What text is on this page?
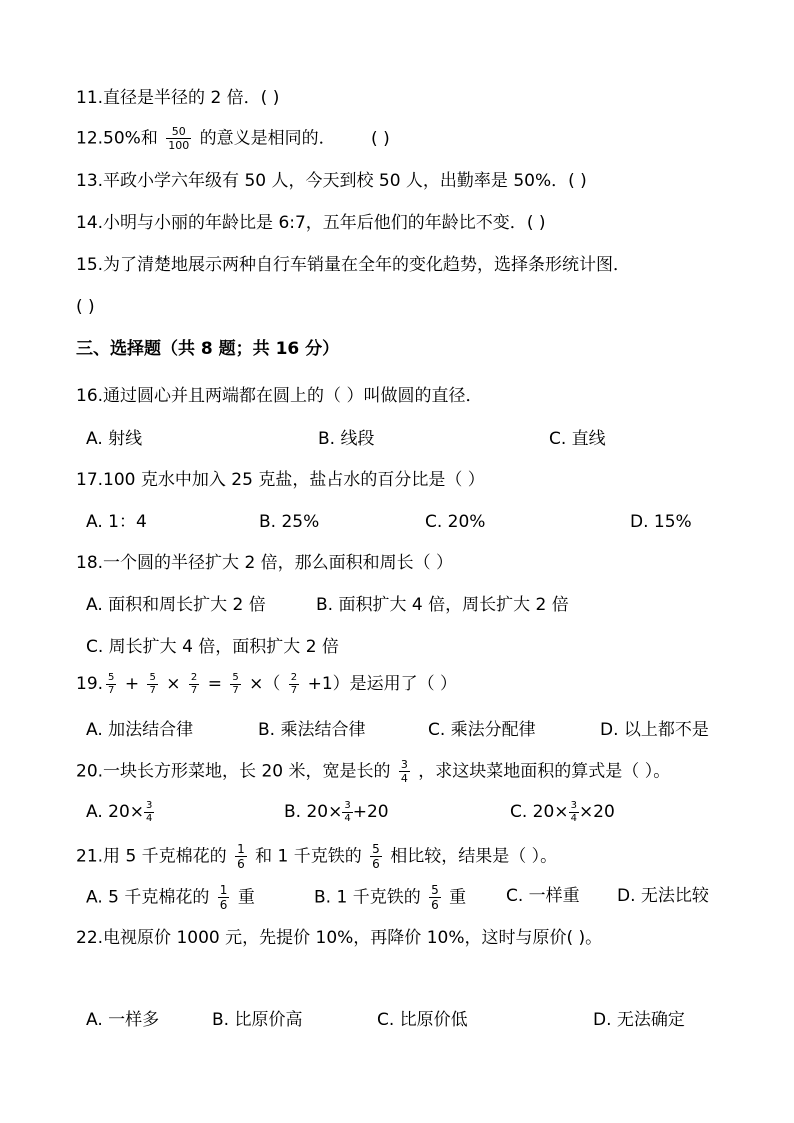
11.直径是半径的 2 倍．( )
12.50%和 $\frac{50}{100}$ 的意义是相同的． ( )
13.平政小学六年级有 50 人，今天到校 50 人，出勤率是 50%．( )
14.小明与小丽的年龄比是 6:7，五年后他们的年龄比不变．( )
15.为了清楚地展示两种自行车销量在全年的变化趋势，选择条形统计图．
( )
三、选择题（共 8 题；共 16 分）
16.通过圆心并且两端都在圆上的（ ）叫做圆的直径．
A. 射线	B. 线段	C. 直线
17.100 克水中加入 25 克盐，盐占水的百分比是（ ）
A. 1：4	B. 25%	C. 20%	D. 15%
18.一个圆的半径扩大 2 倍，那么面积和周长（ ）
A. 面积和周长扩大 2 倍	B. 面积扩大 4 倍，周长扩大 2 倍
C. 周长扩大 4 倍，面积扩大 2 倍
19. $\frac{5}{7} + \frac{5}{7} \times \frac{2}{7} = \frac{5}{7}$ ×（ $\frac{2}{7} +1$）是运用了（ ）
A. 加法结合律	B. 乘法结合律	C. 乘法分配律	D. 以上都不是
20.一块长方形菜地，长 20 米，宽是长的 $\frac{3}{4}$ ，求这块菜地面积的算式是（ ）。
A. $20\times \frac{3}{4}$	B. $20\times \frac{3}{4} +20$	C. $20\times \frac{3}{4} \times 20$
21.用 5 千克棉花的 $\frac{1}{6}$ 和 1 千克铁的 $\frac{5}{6}$ 相比较，结果是（ ）。
A. 5 千克棉花的 $\frac{1}{6}$ 重	B. 1 千克铁的 $\frac{5}{6}$ 重 C. 一样重 D. 无法比较
22.电视原价 1000 元，先提价 10%，再降价 10%，这时与原价( )。
A. 一样多	B. 比原价高	C. 比原价低	D. 无法确定
